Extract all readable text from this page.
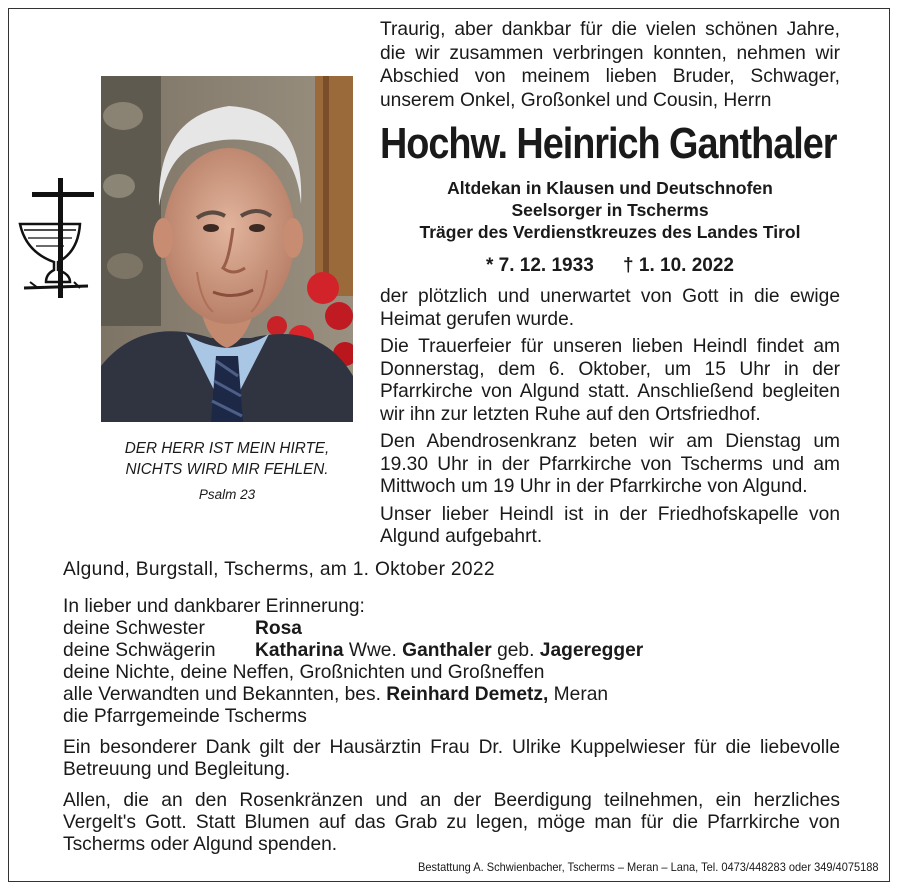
Traurig, aber dankbar für die vielen schönen Jahre, die wir zusammen verbringen konnten, nehmen wir Abschied von meinem lieben Bruder, Schwager, unserem Onkel, Großonkel und Cousin, Herrn

Hochw. Heinrich Ganthaler
Altdekan in Klausen und Deutschnofen
Seelsorger in Tscherms
Träger des Verdienstkreuzes des Landes Tirol
* 7. 12. 1933 † 1. 10. 2022

der plötzlich und unerwartet von Gott in die ewige Heimat gerufen wurde.

Die Trauerfeier für unseren lieben Heindl findet am Donnerstag, dem 6. Oktober, um 15 Uhr in der Pfarrkirche von Algund statt. Anschließend begleiten wir ihn zur letzten Ruhe auf den Ortsfriedhof.

Den Abendrosenkranz beten wir am Dienstag um 19.30 Uhr in der Pfarrkirche von Tscherms und am Mittwoch um 19 Uhr in der Pfarrkirche von Algund.

Unser lieber Heindl ist in der Friedhofskapelle von Algund aufgebahrt.

DER HERR IST MEIN HIRTE,
NICHTS WIRD MIR FEHLEN.
Psalm 23
Algund, Burgstall, Tscherms, am 1. Oktober 2022
In lieber und dankbarer Erinnerung:
deine Schwester	Rosa
deine Schwägerin Katharina Wwe. Ganthaler geb. Jageregger
deine Nichte, deine Neffen, Großnichten und Großneffen
alle Verwandten und Bekannten, bes. Reinhard Demetz, Meran
die Pfarrgemeinde Tscherms

Ein besonderer Dank gilt der Hausärztin Frau Dr. Ulrike Kuppelwieser für die liebevolle Betreuung und Begleitung.

Allen, die an den Rosenkränzen und an der Beerdigung teilnehmen, ein herzliches Vergelt's Gott. Statt Blumen auf das Grab zu legen, möge man für die Pfarrkirche von Tscherms oder Algund spenden.

Bestattung A. Schwienbacher, Tscherms – Meran – Lana, Tel. 0473/448283 oder 349/4075188
